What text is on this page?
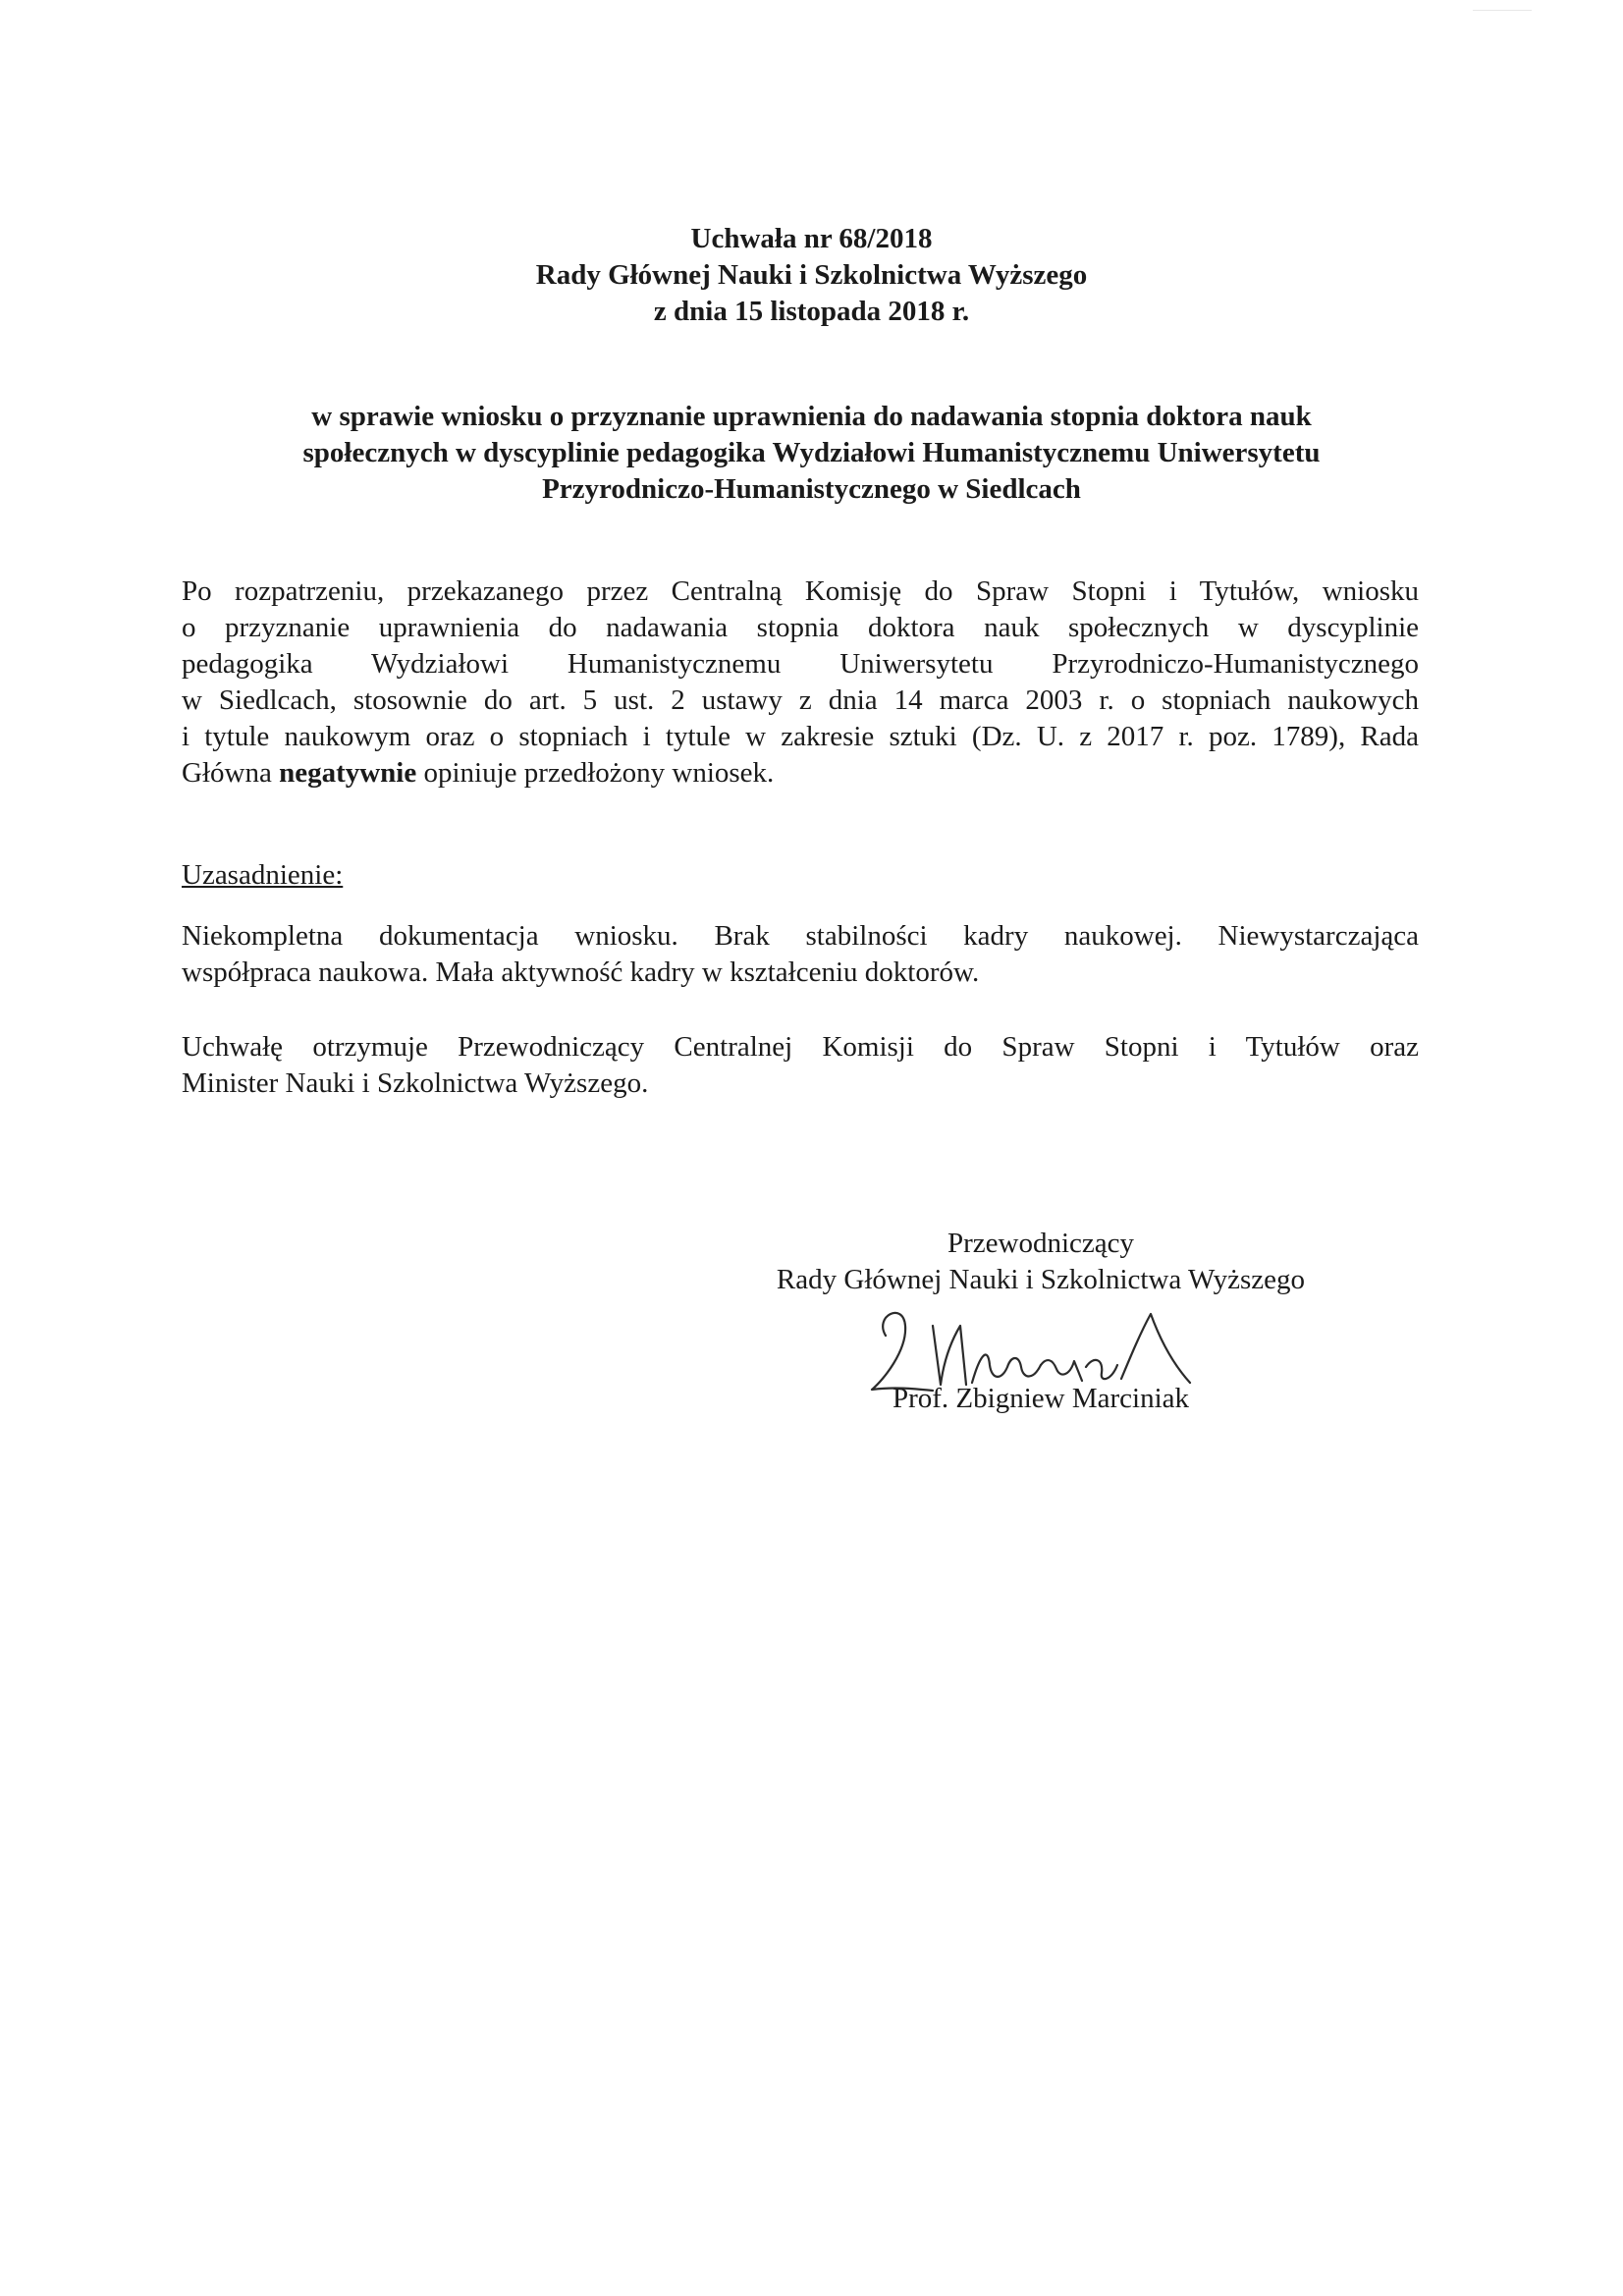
Uchwała nr 68/2018
Rady Głównej Nauki i Szkolnictwa Wyższego
z dnia 15 listopada 2018 r.
w sprawie wniosku o przyznanie uprawnienia do nadawania stopnia doktora nauk
społecznych w dyscyplinie pedagogika Wydziałowi Humanistycznemu Uniwersytetu
Przyrodniczo-Humanistycznego w Siedlcach
Po rozpatrzeniu, przekazanego przez Centralną Komisję do Spraw Stopni i Tytułów, wniosku
o przyznanie uprawnienia do nadawania stopnia doktora nauk społecznych w dyscyplinie
pedagogika Wydziałowi Humanistycznemu Uniwersytetu Przyrodniczo-Humanistycznego
w Siedlcach, stosownie do art. 5 ust. 2 ustawy z dnia 14 marca 2003 r. o stopniach naukowych
i tytule naukowym oraz o stopniach i tytule w zakresie sztuki (Dz. U. z 2017 r. poz. 1789), Rada
Główna negatywnie opiniuje przedłożony wniosek.
Uzasadnienie:
Niekompletna dokumentacja wniosku. Brak stabilności kadry naukowej. Niewystarczająca
współpraca naukowa. Mała aktywność kadry w kształceniu doktorów.
Uchwałę otrzymuje Przewodniczący Centralnej Komisji do Spraw Stopni i Tytułów oraz
Minister Nauki i Szkolnictwa Wyższego.
Przewodniczący
Rady Głównej Nauki i Szkolnictwa Wyższego
Prof. Zbigniew Marciniak
